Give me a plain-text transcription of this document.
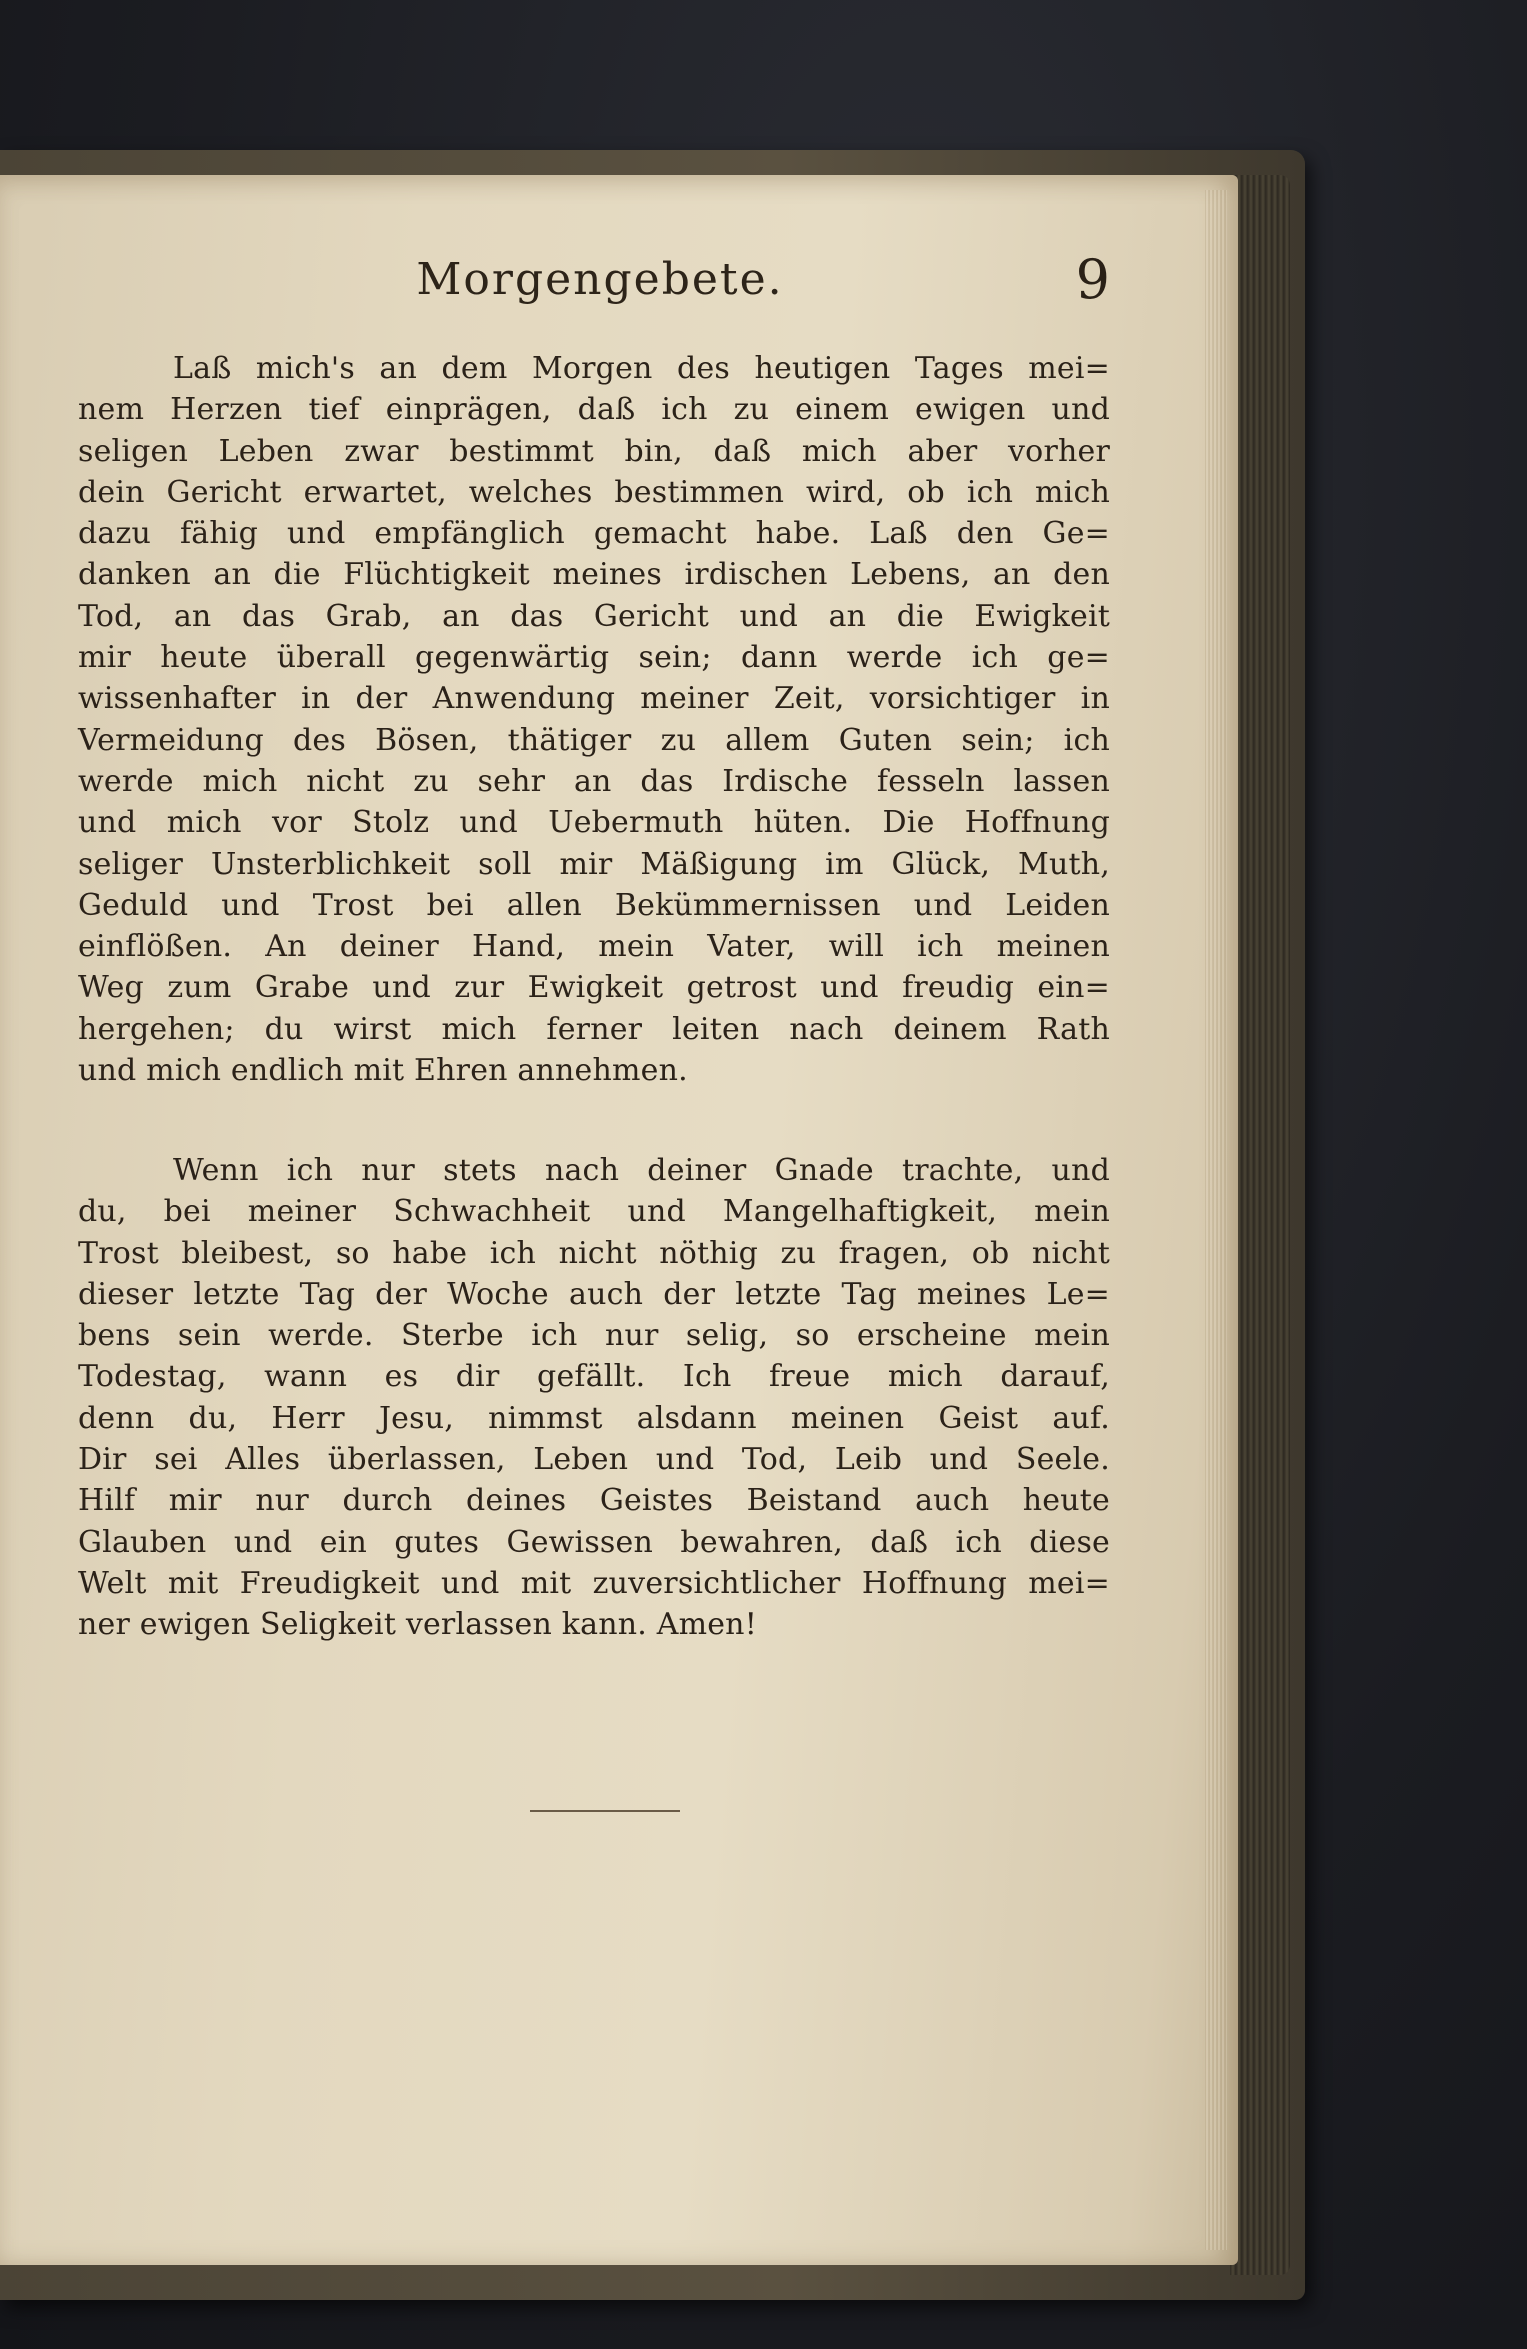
Morgengebete.	9
Laß mich's an dem Morgen des heutigen Tages mei=
nem Herzen tief einprägen, daß ich zu einem ewigen und
seligen Leben zwar bestimmt bin, daß mich aber vorher
dein Gericht erwartet, welches bestimmen wird, ob ich mich
dazu fähig und empfänglich gemacht habe. Laß den Ge=
danken an die Flüchtigkeit meines irdischen Lebens, an den
Tod, an das Grab, an das Gericht und an die Ewigkeit
mir heute überall gegenwärtig sein; dann werde ich ge=
wissenhafter in der Anwendung meiner Zeit, vorsichtiger in
Vermeidung des Bösen, thätiger zu allem Guten sein; ich
werde mich nicht zu sehr an das Irdische fesseln lassen
und mich vor Stolz und Uebermuth hüten. Die Hoffnung
seliger Unsterblichkeit soll mir Mäßigung im Glück, Muth,
Geduld und Trost bei allen Bekümmernissen und Leiden
einflößen. An deiner Hand, mein Vater, will ich meinen
Weg zum Grabe und zur Ewigkeit getrost und freudig ein=
hergehen; du wirst mich ferner leiten nach deinem Rath
und mich endlich mit Ehren annehmen.
Wenn ich nur stets nach deiner Gnade trachte, und
du, bei meiner Schwachheit und Mangelhaftigkeit, mein
Trost bleibest, so habe ich nicht nöthig zu fragen, ob nicht
dieser letzte Tag der Woche auch der letzte Tag meines Le=
bens sein werde. Sterbe ich nur selig, so erscheine mein
Todestag, wann es dir gefällt. Ich freue mich darauf,
denn du, Herr Jesu, nimmst alsdann meinen Geist auf.
Dir sei Alles überlassen, Leben und Tod, Leib und Seele.
Hilf mir nur durch deines Geistes Beistand auch heute
Glauben und ein gutes Gewissen bewahren, daß ich diese
Welt mit Freudigkeit und mit zuversichtlicher Hoffnung mei=
ner ewigen Seligkeit verlassen kann. Amen!
